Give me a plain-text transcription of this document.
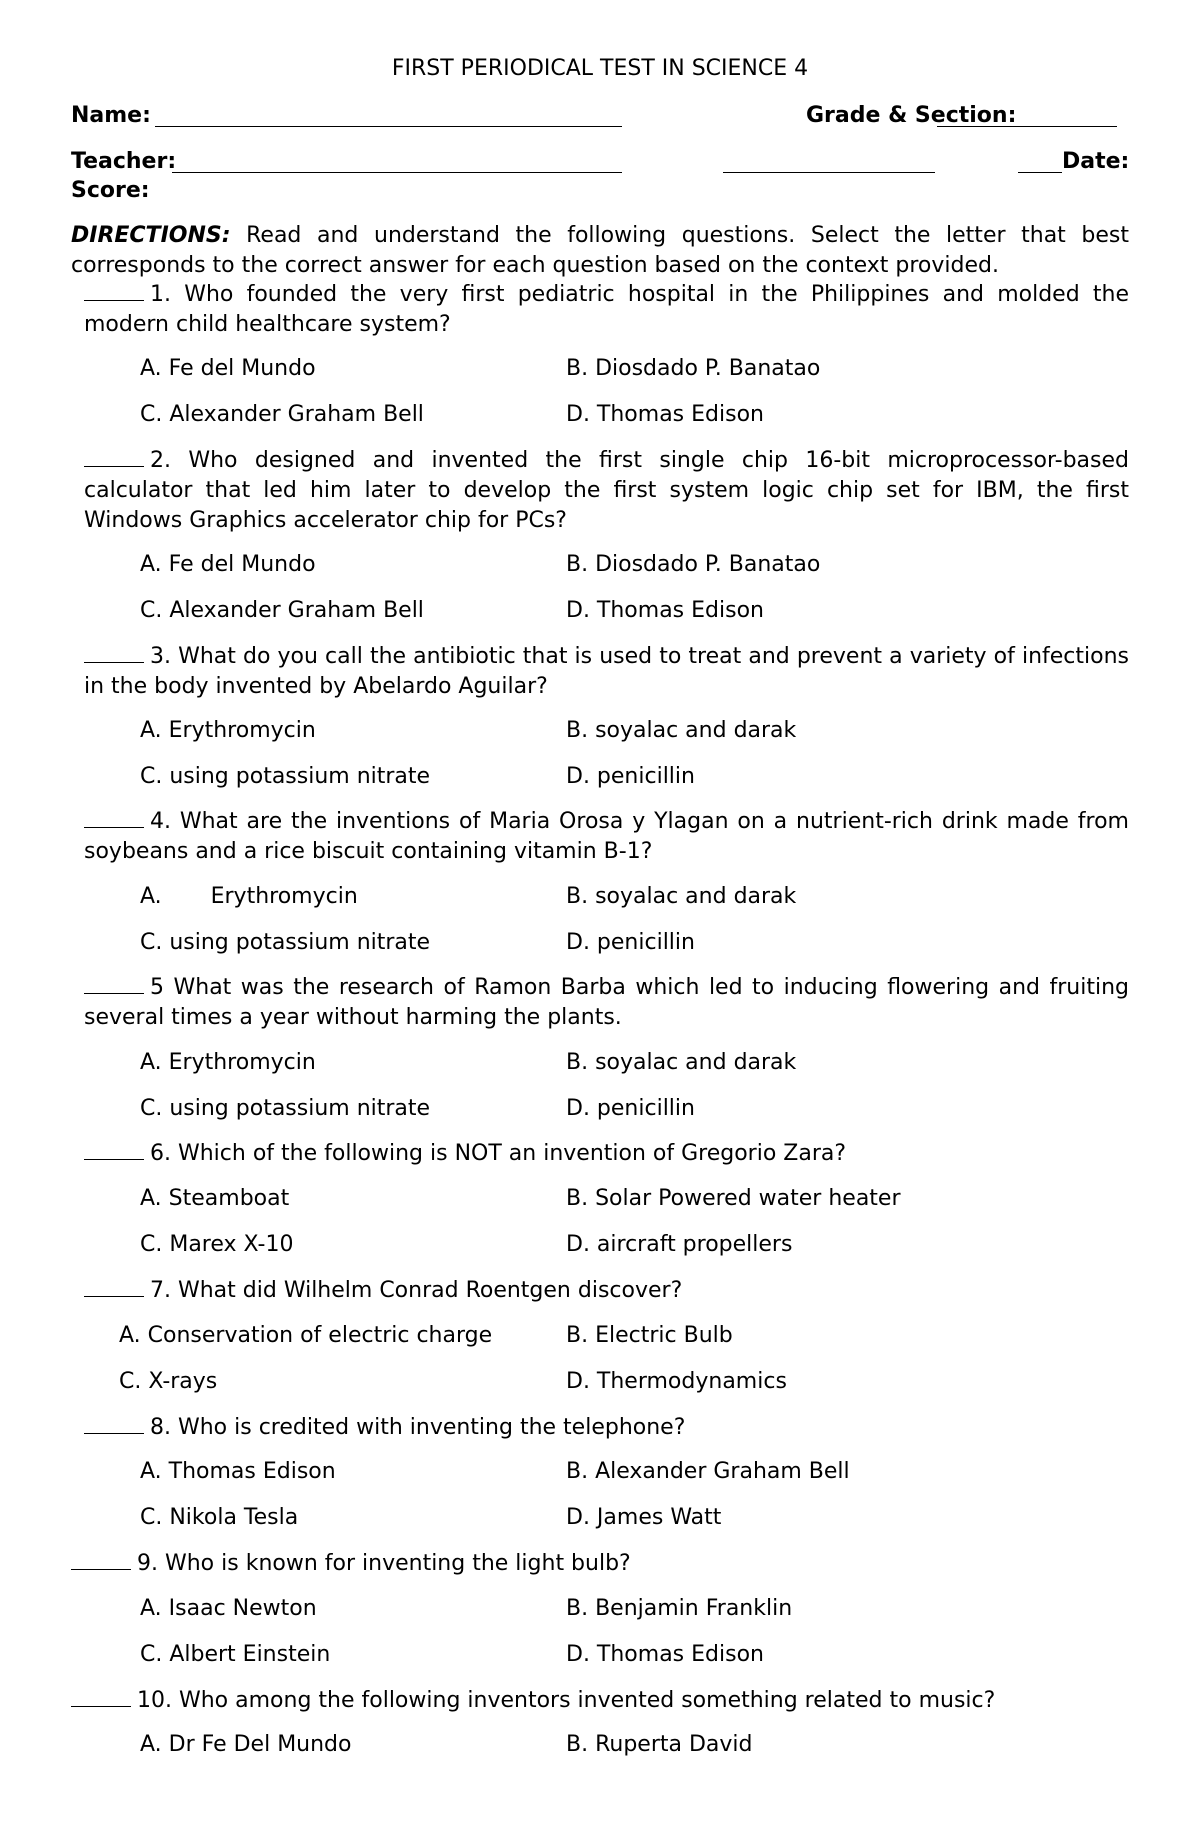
FIRST PERIODICAL TEST IN SCIENCE 4
Name:	Grade & Section:
Teacher:	Date:
Score:
DIRECTIONS: Read and understand the following questions. Select the letter that best corresponds to the correct answer for each question based on the context provided.
1. Who founded the very first pediatric hospital in the Philippines and molded the modern child healthcare system?
A. Fe del Mundo	B. Diosdado P. Banatao
C. Alexander Graham Bell	D. Thomas Edison
2. Who designed and invented the first single chip 16-bit microprocessor-based calculator that led him later to develop the first system logic chip set for IBM, the first Windows Graphics accelerator chip for PCs?
A. Fe del Mundo	B. Diosdado P. Banatao
C. Alexander Graham Bell	D. Thomas Edison
3. What do you call the antibiotic that is used to treat and prevent a variety of infections in the body invented by Abelardo Aguilar?
A. Erythromycin	B. soyalac and darak
C. using potassium nitrate	D. penicillin
4. What are the inventions of Maria Orosa y Ylagan on a nutrient-rich drink made from soybeans and a rice biscuit containing vitamin B-1?
A.       Erythromycin	B. soyalac and darak
C. using potassium nitrate	D. penicillin
5 What was the research of Ramon Barba which led to inducing flowering and fruiting several times a year without harming the plants.
A. Erythromycin	B. soyalac and darak
C. using potassium nitrate	D. penicillin
6. Which of the following is NOT an invention of Gregorio Zara?
A. Steamboat	B. Solar Powered water heater
C. Marex X-10	D. aircraft propellers
7. What did Wilhelm Conrad Roentgen discover?
A. Conservation of electric charge	B. Electric Bulb
C. X-rays	D. Thermodynamics
8. Who is credited with inventing the telephone?
A. Thomas Edison	B. Alexander Graham Bell
C. Nikola Tesla	D. James Watt
9. Who is known for inventing the light bulb?
A. Isaac Newton	B. Benjamin Franklin
C. Albert Einstein	D. Thomas Edison
10. Who among the following inventors invented something related to music?
A. Dr Fe Del Mundo	B. Ruperta David
